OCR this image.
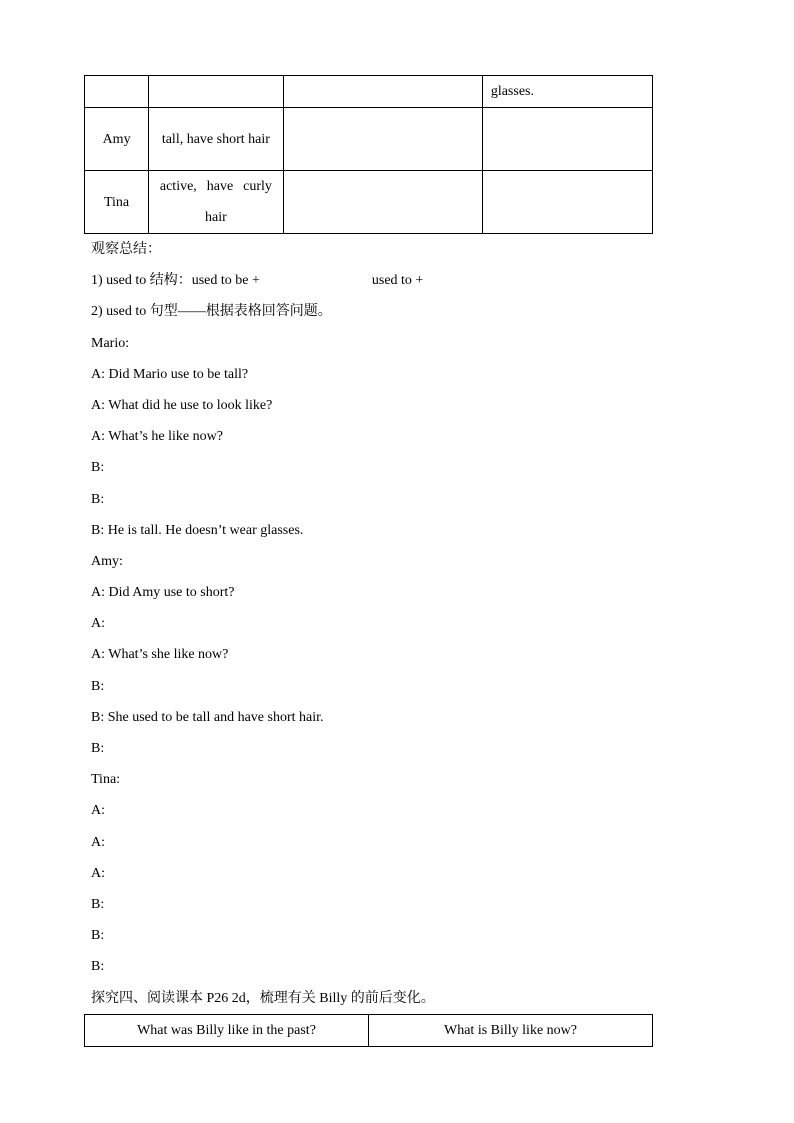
			glasses.
Amy	tall, have short hair		
Tina	active, have curly hair		
观察总结：
1) used to 结构：used to be +	used to +
2) used to 句型——根据表格回答问题。
Mario:
A: Did Mario use to be tall?
A: What did he use to look like?
A: What’s he like now?
B:
B:
B: He is tall. He doesn’t wear glasses.
Amy:
A: Did Amy use to short?
A:
A: What’s she like now?
B:
B: She used to be tall and have short hair.
B:
Tina:
A:
A:
A:
B:
B:
B:
探究四、阅读课本 P26 2d，梳理有关 Billy 的前后变化。
What was Billy like in the past?	What is Billy like now?
